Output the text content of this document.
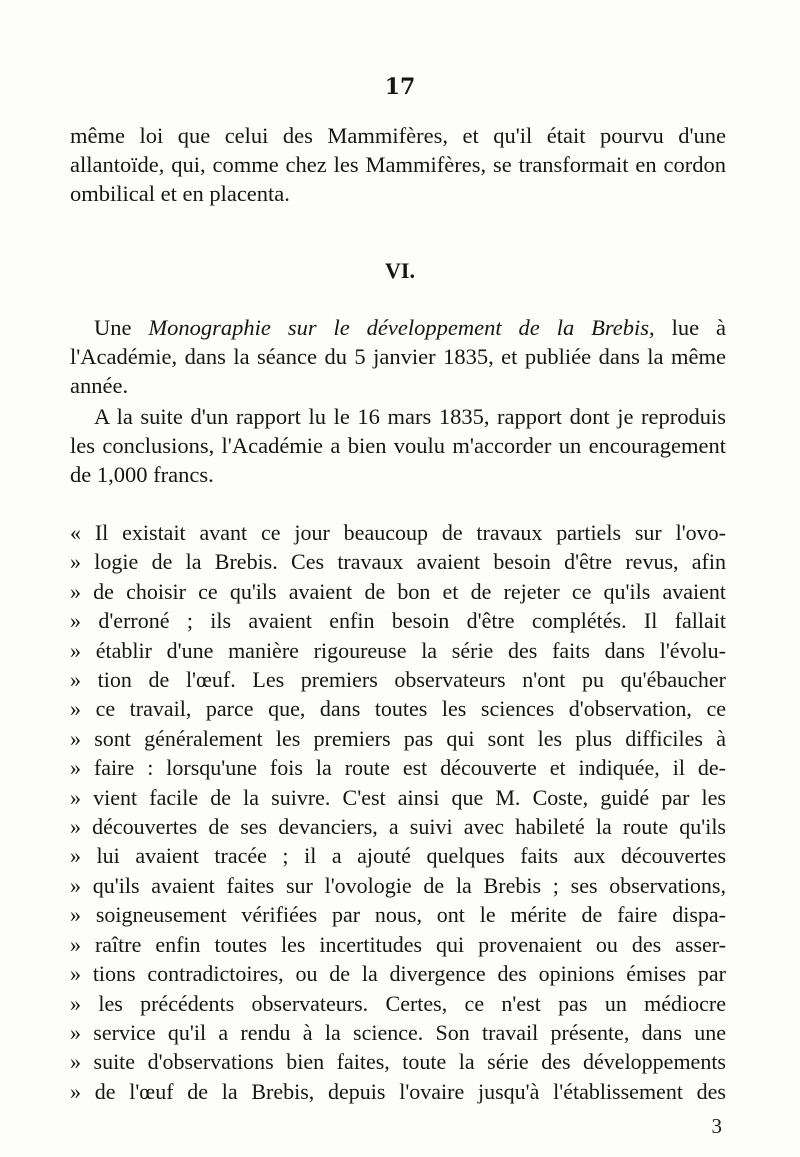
17

même loi que celui des Mammifères, et qu'il était pourvu d'une allantoïde, qui, comme chez les Mammifères, se transformait en cordon ombilical et en placenta.

VI.

Une Monographie sur le développement de la Brebis, lue à l'Académie, dans la séance du 5 janvier 1835, et publiée dans la même année.

A la suite d'un rapport lu le 16 mars 1835, rapport dont je reproduis les conclusions, l'Académie a bien voulu m'accorder un encouragement de 1,000 francs.

« Il existait avant ce jour beaucoup de travaux partiels sur l'ovo-
» logie de la Brebis. Ces travaux avaient besoin d'être revus, afin
» de choisir ce qu'ils avaient de bon et de rejeter ce qu'ils avaient
» d'erroné ; ils avaient enfin besoin d'être complétés. Il fallait
» établir d'une manière rigoureuse la série des faits dans l'évolu-
» tion de l'œuf. Les premiers observateurs n'ont pu qu'ébaucher
» ce travail, parce que, dans toutes les sciences d'observation, ce
» sont généralement les premiers pas qui sont les plus difficiles à
» faire : lorsqu'une fois la route est découverte et indiquée, il de-
» vient facile de la suivre. C'est ainsi que M. Coste, guidé par les
» découvertes de ses devanciers, a suivi avec habileté la route qu'ils
» lui avaient tracée ; il a ajouté quelques faits aux découvertes
» qu'ils avaient faites sur l'ovologie de la Brebis ; ses observations,
» soigneusement vérifiées par nous, ont le mérite de faire dispa-
» raître enfin toutes les incertitudes qui provenaient ou des asser-
» tions contradictoires, ou de la divergence des opinions émises par
» les précédents observateurs. Certes, ce n'est pas un médiocre
» service qu'il a rendu à la science. Son travail présente, dans une
» suite d'observations bien faites, toute la série des développements
» de l'œuf de la Brebis, depuis l'ovaire jusqu'à l'établissement des
3
